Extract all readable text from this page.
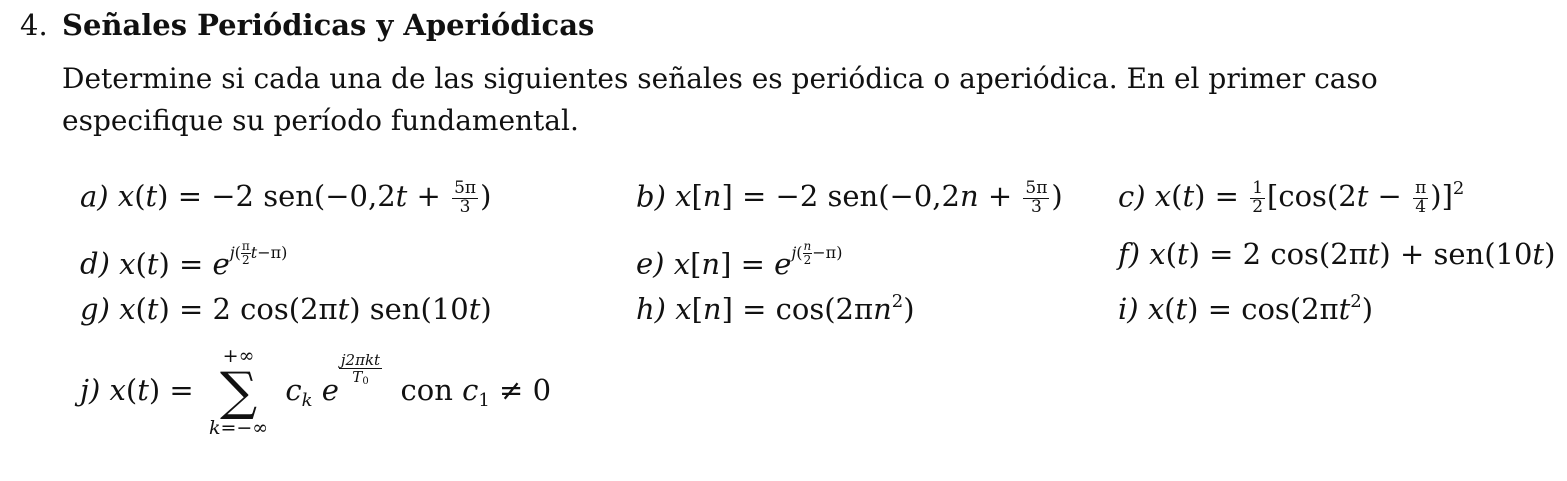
4. Señales Periódicas y Aperiódicas
Determine si cada una de las siguientes señales es periódica o aperiódica. En el primer caso especifique su período fundamental.
a) x(t) = −2 $sen(-0,2t + \frac{5\pi}{3}$ )	b) x[n] = −2 $sen(-0,2n + \frac{5\pi}{3}$ ) c) $x(t) = \frac{1}{2} [\cos(2t - \frac{\pi}{4} )]^2$
d) $x(t) = e^{j( \frac{\pi}{2} t-\pi)}$	e) $x[n] = e^{j( \frac{n}{2} -\pi)}$	f) x(t) = 2 cos(2πt) + sen(10t)
g) x(t) = 2 cos(2πt) sen(10t)	h) $x[n] = \cos(2\pi n^2)$	i) $x(t) = \cos(2\pi t^2)$
j) x(t) =
+∞
∑
k=−∞
$c_k$ e
j2πkt
$T_0$	con $c_1 \ne 0$
